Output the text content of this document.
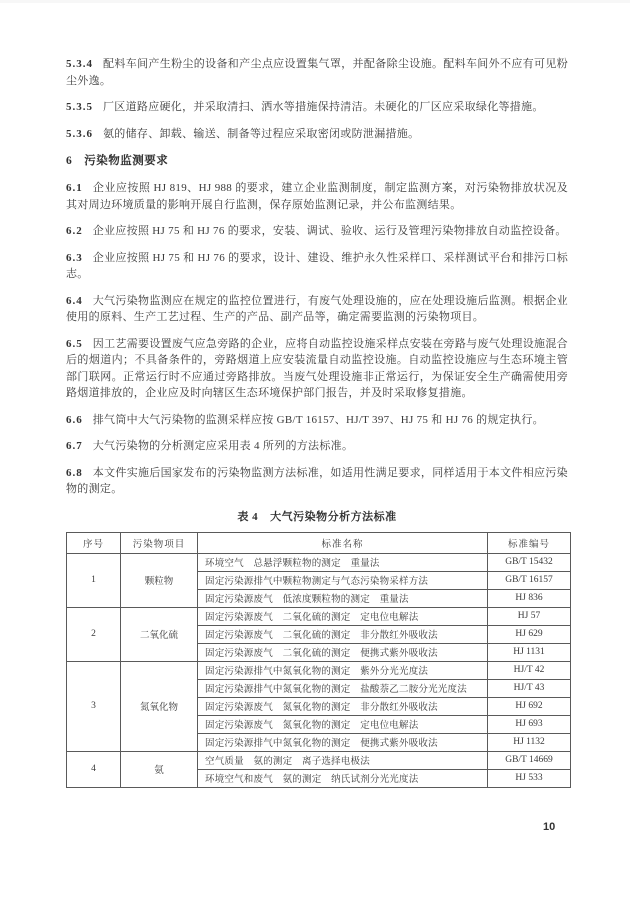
5.3.4 配料车间产生粉尘的设备和产尘点应设置集气罩，并配备除尘设施。配料车间外不应有可见粉尘外逸。

5.3.5 厂区道路应硬化，并采取清扫、洒水等措施保持清洁。未硬化的厂区应采取绿化等措施。

5.3.6 氨的储存、卸载、输送、制备等过程应采取密闭或防泄漏措施。

6 污染物监测要求

6.1 企业应按照 HJ 819、HJ 988 的要求，建立企业监测制度，制定监测方案，对污染物排放状况及其对周边环境质量的影响开展自行监测，保存原始监测记录，并公布监测结果。

6.2 企业应按照 HJ 75 和 HJ 76 的要求，安装、调试、验收、运行及管理污染物排放自动监控设备。

6.3 企业应按照 HJ 75 和 HJ 76 的要求，设计、建设、维护永久性采样口、采样测试平台和排污口标志。

6.4 大气污染物监测应在规定的监控位置进行，有废气处理设施的，应在处理设施后监测。根据企业使用的原料、生产工艺过程、生产的产品、副产品等，确定需要监测的污染物项目。

6.5 因工艺需要设置废气应急旁路的企业，应将自动监控设施采样点安装在旁路与废气处理设施混合后的烟道内；不具备条件的，旁路烟道上应安装流量自动监控设施。自动监控设施应与生态环境主管部门联网。正常运行时不应通过旁路排放。当废气处理设施非正常运行，为保证安全生产确需使用旁路烟道排放的，企业应及时向辖区生态环境保护部门报告，并及时采取修复措施。

6.6 排气筒中大气污染物的监测采样应按 GB/T 16157、HJ/T 397、HJ 75 和 HJ 76 的规定执行。

6.7 大气污染物的分析测定应采用表 4 所列的方法标准。

6.8 本文件实施后国家发布的污染物监测方法标准，如适用性满足要求，同样适用于本文件相应污染物的测定。

表 4 大气污染物分析方法标准
序号	污染物项目	标准名称	标准编号
1	颗粒物	环境空气　总悬浮颗粒物的测定　重量法	GB/T 15432
		固定污染源排气中颗粒物测定与气态污染物采样方法	GB/T 16157
		固定污染源废气　低浓度颗粒物的测定　重量法	HJ 836
2	二氧化硫	固定污染源废气　二氧化硫的测定　定电位电解法	HJ 57
		固定污染源废气　二氧化硫的测定　非分散红外吸收法	HJ 629
		固定污染源废气　二氧化硫的测定　便携式紫外吸收法	HJ 1131
3	氮氧化物	固定污染源排气中氮氧化物的测定　紫外分光光度法	HJ/T 42
		固定污染源排气中氮氧化物的测定　盐酸萘乙二胺分光光度法	HJ/T 43
		固定污染源废气　氮氧化物的测定　非分散红外吸收法	HJ 692
		固定污染源废气　氮氧化物的测定　定电位电解法	HJ 693
		固定污染源排气中氮氧化物的测定　便携式紫外吸收法	HJ 1132
4	氨	空气质量　氨的测定　离子选择电极法	GB/T 14669
		环境空气和废气　氨的测定　纳氏试剂分光光度法	HJ 533
10
